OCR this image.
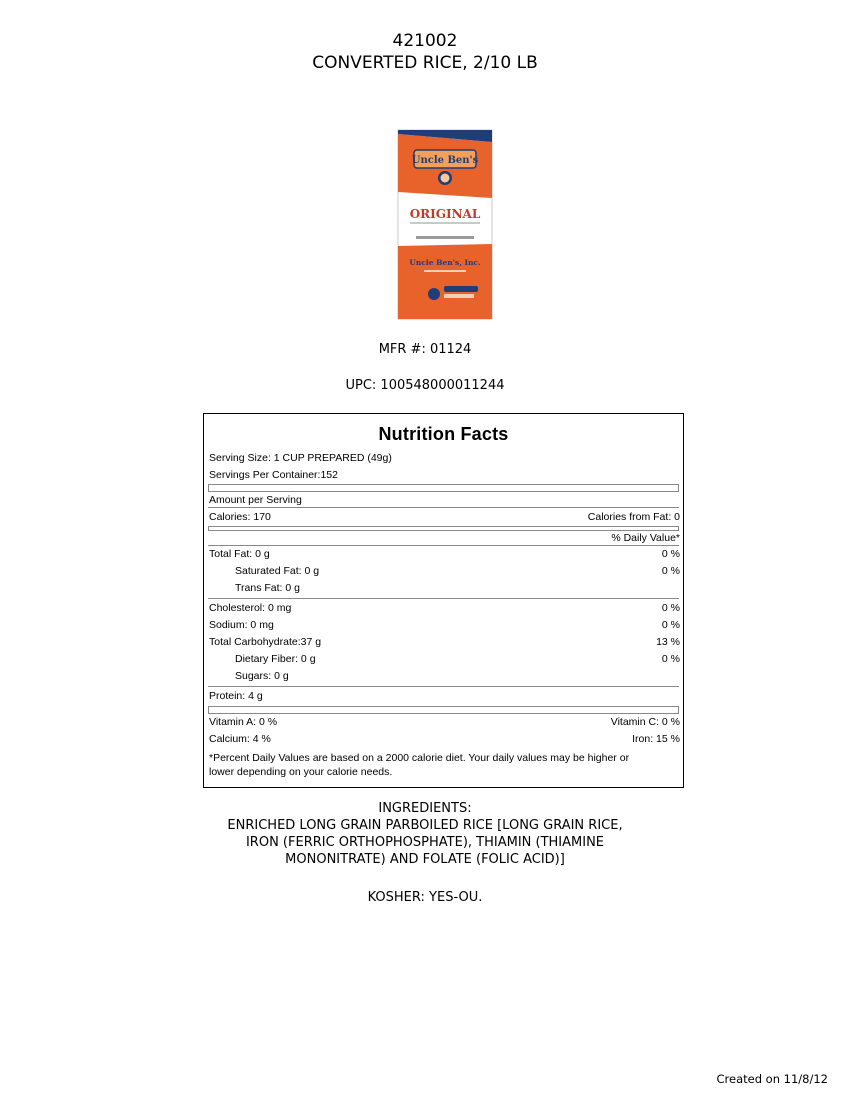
421002
CONVERTED RICE, 2/10 LB
Uncle Ben's
ORIGINAL
Uncle Ben's, Inc.
MFR #: 01124
UPC: 100548000011244
Nutrition Facts
Serving Size: 1 CUP PREPARED (49g)
Servings Per Container:152
Amount per Serving
Calories: 170	Calories from Fat: 0
% Daily Value*
Total Fat: 0 g	0 %
Saturated Fat: 0 g	0 %
Trans Fat: 0 g
Cholesterol: 0 mg	0 %
Sodium: 0 mg	0 %
Total Carbohydrate:37 g	13 %
Dietary Fiber: 0 g	0 %
Sugars: 0 g
Protein: 4 g
Vitamin A: 0 %	Vitamin C: 0 %
Calcium: 4 %	Iron: 15 %
*Percent Daily Values are based on a 2000 calorie diet. Your daily values may be higher or
lower depending on your calorie needs.
INGREDIENTS:
ENRICHED LONG GRAIN PARBOILED RICE [LONG GRAIN RICE,
IRON (FERRIC ORTHOPHOSPHATE), THIAMIN (THIAMINE
MONONITRATE) AND FOLATE (FOLIC ACID)]
KOSHER: YES-OU.
Created on 11/8/12
